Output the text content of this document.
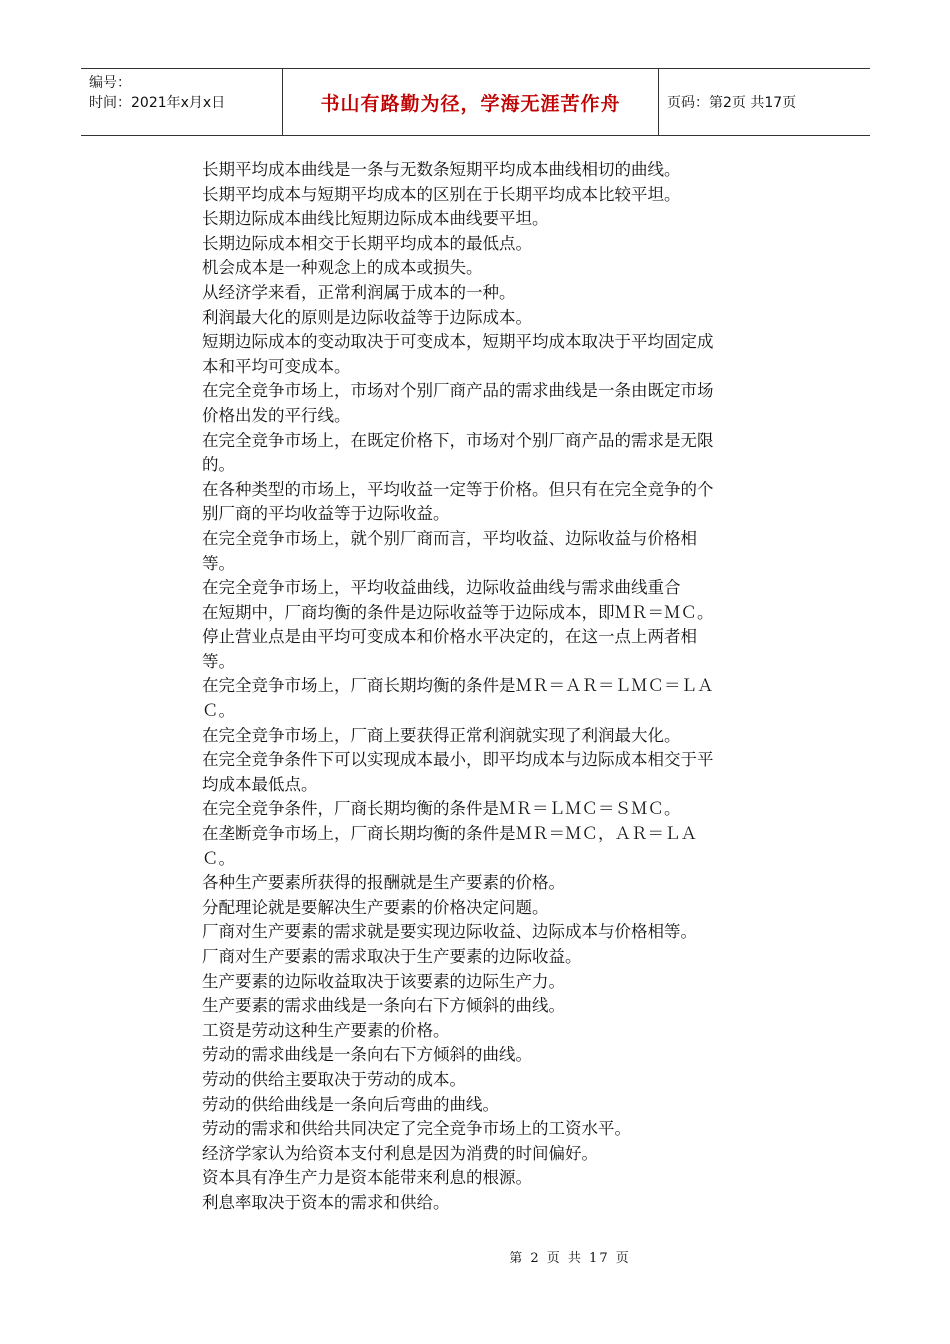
编号：
时间：2021年x月x日	书山有路勤为径，学海无涯苦作舟	页码：第2页 共17页
长期平均成本曲线是一条与无数条短期平均成本曲线相切的曲线。
长期平均成本与短期平均成本的区别在于长期平均成本比较平坦。
长期边际成本曲线比短期边际成本曲线要平坦。
长期边际成本相交于长期平均成本的最低点。
机会成本是一种观念上的成本或损失。
从经济学来看，正常利润属于成本的一种。
利润最大化的原则是边际收益等于边际成本。
短期边际成本的变动取决于可变成本，短期平均成本取决于平均固定成
本和平均可变成本。
在完全竞争市场上，市场对个别厂商产品的需求曲线是一条由既定市场
价格出发的平行线。
在完全竞争市场上，在既定价格下，市场对个别厂商产品的需求是无限
的。
在各种类型的市场上，平均收益一定等于价格。但只有在完全竞争的个
别厂商的平均收益等于边际收益。
在完全竞争市场上，就个别厂商而言，平均收益、边际收益与价格相
等。
在完全竞争市场上，平均收益曲线，边际收益曲线与需求曲线重合
在短期中，厂商均衡的条件是边际收益等于边际成本，即ＭＲ＝ＭＣ。
停止营业点是由平均可变成本和价格水平决定的，在这一点上两者相
等。
在完全竞争市场上，厂商长期均衡的条件是ＭＲ＝ＡＲ＝ＬＭＣ＝ＬＡ
Ｃ。
在完全竞争市场上，厂商上要获得正常利润就实现了利润最大化。
在完全竞争条件下可以实现成本最小，即平均成本与边际成本相交于平
均成本最低点。
在完全竞争条件，厂商长期均衡的条件是ＭＲ＝ＬＭＣ＝ＳＭＣ。
在垄断竞争市场上，厂商长期均衡的条件是ＭＲ＝ＭＣ，ＡＲ＝ＬＡ
Ｃ。
各种生产要素所获得的报酬就是生产要素的价格。
分配理论就是要解决生产要素的价格决定问题。
厂商对生产要素的需求就是要实现边际收益、边际成本与价格相等。
厂商对生产要素的需求取决于生产要素的边际收益。
生产要素的边际收益取决于该要素的边际生产力。
生产要素的需求曲线是一条向右下方倾斜的曲线。
工资是劳动这种生产要素的价格。
劳动的需求曲线是一条向右下方倾斜的曲线。
劳动的供给主要取决于劳动的成本。
劳动的供给曲线是一条向后弯曲的曲线。
劳动的需求和供给共同决定了完全竞争市场上的工资水平。
经济学家认为给资本支付利息是因为消费的时间偏好。
资本具有净生产力是资本能带来利息的根源。
利息率取决于资本的需求和供给。
第 2 页 共 17 页
